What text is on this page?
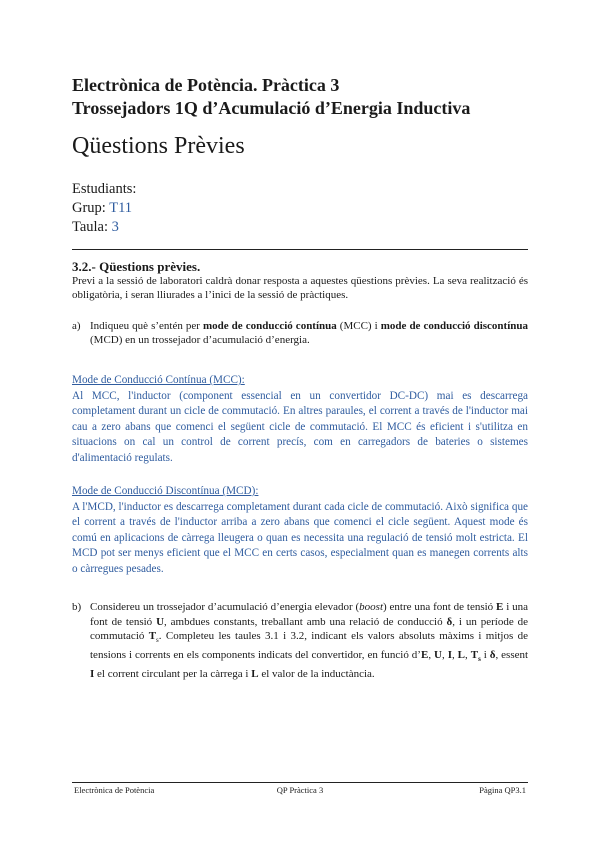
Electrònica de Potència. Pràctica 3
Trossejadors 1Q d’Acumulació d’Energia Inductiva
Qüestions Prèvies
Estudiants:
Grup: T11
Taula: 3
3.2.- Qüestions prèvies.
Previ a la sessió de laboratori caldrà donar resposta a aquestes qüestions prèvies. La seva realització és obligatòria, i seran lliurades a l’inici de la sessió de pràctiques.
a) Indiqueu què s’entén per mode de conducció contínua (MCC) i mode de conducció discontínua (MCD) en un trossejador d’acumulació d’energia.
Mode de Conducció Contínua (MCC):
Al MCC, l'inductor (component essencial en un convertidor DC-DC) mai es descarrega completament durant un cicle de commutació. En altres paraules, el corrent a través de l'inductor mai cau a zero abans que comenci el següent cicle de commutació. El MCC és eficient i s'utilitza en situacions on cal un control de corrent precís, com en carregadors de bateries o sistemes d'alimentació regulats.
Mode de Conducció Discontínua (MCD):
A l'MCD, l'inductor es descarrega completament durant cada cicle de commutació. Això significa que el corrent a través de l'inductor arriba a zero abans que comenci el cicle següent. Aquest mode és comú en aplicacions de càrrega lleugera o quan es necessita una regulació de tensió molt estricta. El MCD pot ser menys eficient que el MCC en certs casos, especialment quan es manegen corrents alts o càrregues pesades.
b) Considereu un trossejador d’acumulació d’energia elevador (boost) entre una font de tensió E i una font de tensió U, ambdues constants, treballant amb una relació de conducció δ, i un període de commutació $T_s$. Completeu les taules 3.1 i 3.2, indicant els valors absoluts màxims i mitjos de tensions i corrents en els components indicats del convertidor, en funció d’E, U, I, L, $T_s$ i δ, essent I el corrent circulant per la càrrega i L el valor de la inductància.
Electrònica de Potència	QP Pràctica 3	Pàgina QP3.1
